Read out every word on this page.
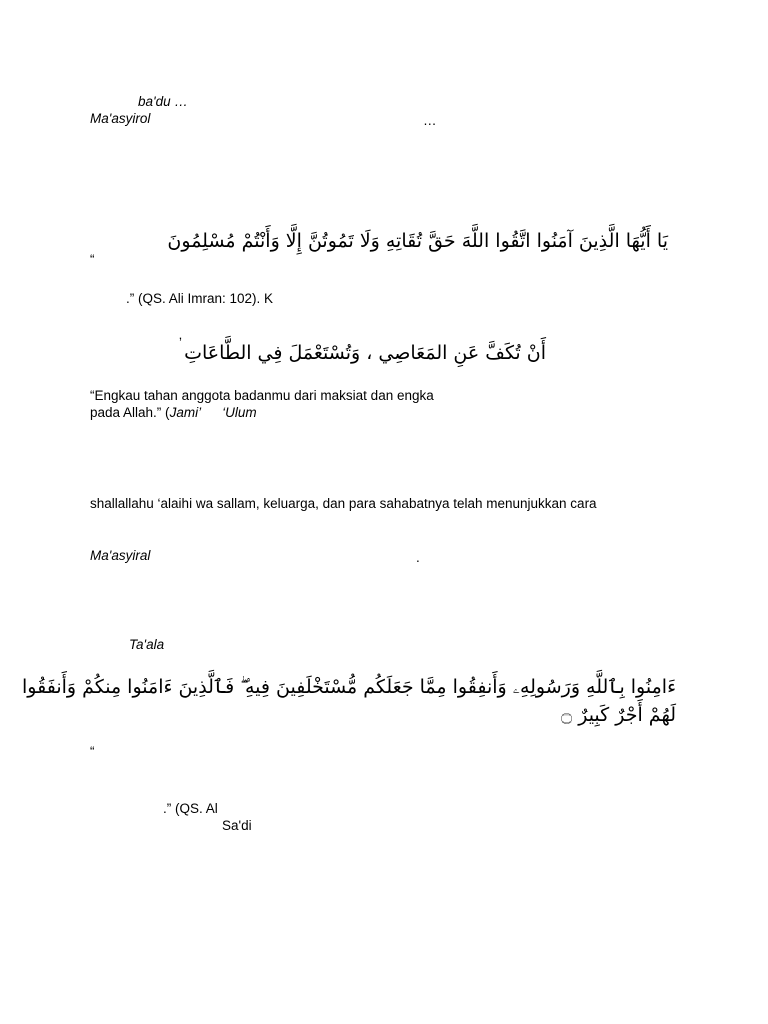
ba'du …
Ma'asyirol	…
يَا أَيُّهَا الَّذِينَ آمَنُوا اتَّقُوا اللَّهَ حَقَّ تُقَاتِهِ وَلَا تَمُوتُنَّ إِلَّا وَأَنْتُمْ مُسْلِمُونَ
“
.” (QS. Ali Imran: 102). K
ʼ أَنْ تُكَفَّ عَنِ المَعَاصِي ، وَتُسْتَعْمَلَ فِي الطَّاعَاتِ
“Engkau tahan anggota badanmu dari maksiat dan engka
pada Allah.” (Jami’ ‘Ulum
shallallahu ‘alaihi wa sallam, keluarga, dan para sahabatnya telah menunjukkan cara
Ma'asyiral	.
Ta'ala
ءَامِنُوا بِٱللَّهِ وَرَسُولِهِۦ وَأَنفِقُوا مِمَّا جَعَلَكُم مُّسْتَخْلَفِينَ فِيهِ ۖ فَٱلَّذِينَ ءَامَنُوا مِنكُمْ وَأَنفَقُوا
لَهُمْ أَجْرٌ كَبِيرٌ ۝
“
.” (QS. Al
Sa'di
